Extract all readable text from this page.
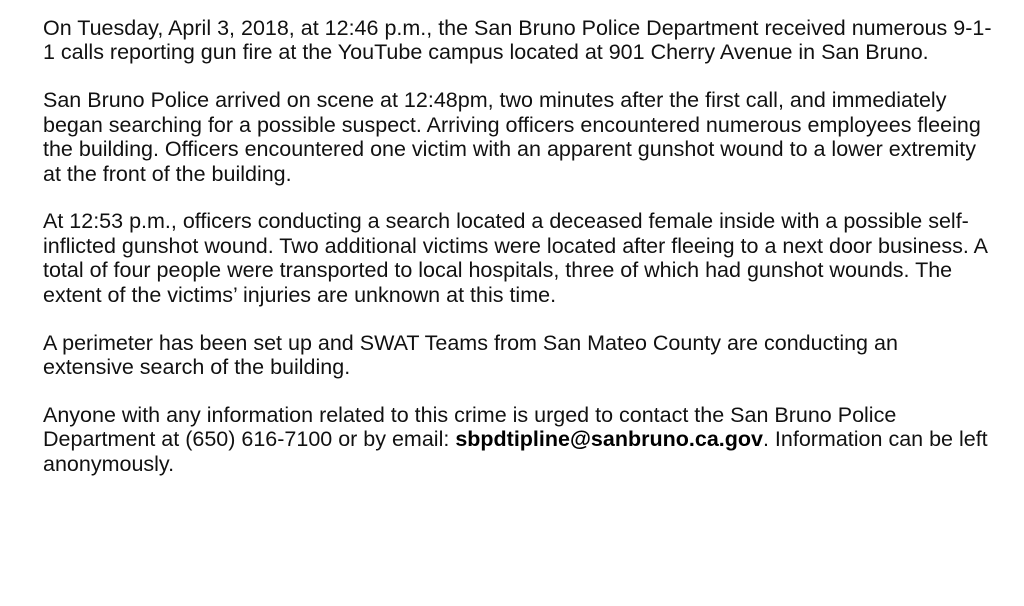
On Tuesday, April 3, 2018, at 12:46 p.m., the San Bruno Police Department received numerous 9-1-1 calls reporting gun fire at the YouTube campus located at 901 Cherry Avenue in San Bruno.

San Bruno Police arrived on scene at 12:48pm, two minutes after the first call, and immediately began searching for a possible suspect. Arriving officers encountered numerous employees fleeing the building. Officers encountered one victim with an apparent gunshot wound to a lower extremity at the front of the building.

At 12:53 p.m., officers conducting a search located a deceased female inside with a possible self-inflicted gunshot wound. Two additional victims were located after fleeing to a next door business. A total of four people were transported to local hospitals, three of which had gunshot wounds. The extent of the victims’ injuries are unknown at this time.

A perimeter has been set up and SWAT Teams from San Mateo County are conducting an extensive search of the building.

Anyone with any information related to this crime is urged to contact the San Bruno Police Department at (650) 616-7100 or by email: sbpdtipline@sanbruno.ca.gov. Information can be left anonymously.
